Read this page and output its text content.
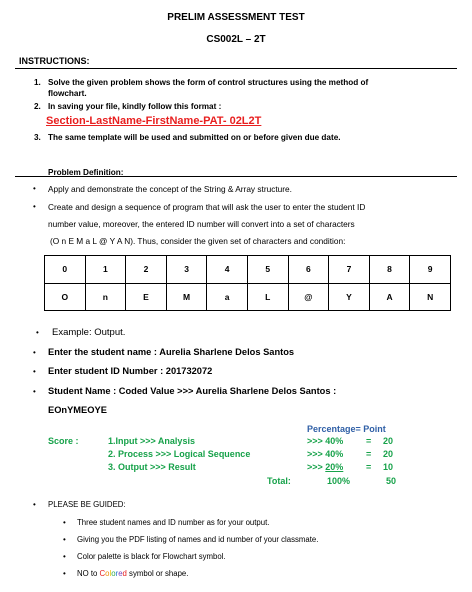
PRELIM ASSESSMENT TEST
CS002L – 2T
INSTRUCTIONS:
1. Solve the given problem shows the form of control structures using the method of
flowchart.
2. In saving your file, kindly follow this format :
Section-LastName-FirstName-PAT- 02L2T
3. The same template will be used and submitted on or before given due date.
Problem Definition:
• Apply and demonstrate the concept of the String & Array structure.
• Create and design a sequence of program that will ask the user to enter the student ID
number value, moreover, the entered ID number will convert into a set of characters
(O n E M a L @ Y A N). Thus, consider the given set of characters and condition:
0	1	2	3	4	5	6	7	8	9
O	n	E	M	a	L	@	Y	A	N
• Example: Output.
• Enter the student name : Aurelia Sharlene Delos Santos
• Enter student ID Number : 201732072
• Student Name : Coded Value >>> Aurelia Sharlene Delos Santos :
EOnYMEOYE
Percentage= Point
Score :	1.Input >>> Analysis	>>> 40%	= 20
2. Process >>> Logical Sequence	>>> 40%	= 20
3. Output >>> Result	>>> 20%	= 10
Total:	100%	50
• PLEASE BE GUIDED:
• Three student names and ID number as for your output.
• Giving you the PDF listing of names and id number of your classmate.
• Color palette is black for Flowchart symbol.
• NO to Colored symbol or shape.
